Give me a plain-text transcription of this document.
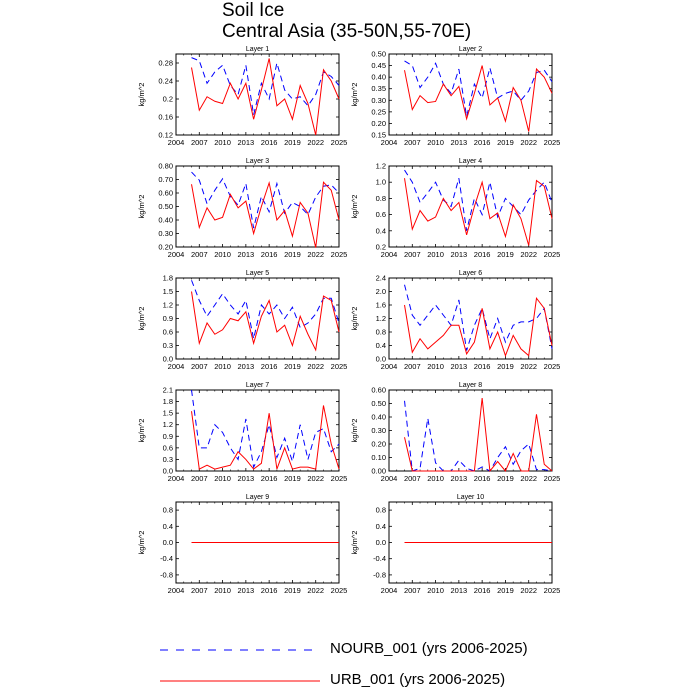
Soil Ice
Central Asia (35-50N,55-70E)
Layer 1
2004 2007 2010 2013 2016 2019 2022 2025
0.12
0.16
0.2
0.24
0.28
kg/m^2
Layer 2
2004 2007 2010 2013 2016 2019 2022 2025
0.15
0.20
0.25
0.30
0.35
0.40
0.45
0.50
kg/m^2
Layer 3
2004 2007 2010 2013 2016 2019 2022 2025
0.20
0.30
0.40
0.50
0.60
0.70
0.80
kg/m^2
Layer 4
2004 2007 2010 2013 2016 2019 2022 2025
0.2
0.4
0.6
0.8
1.0
1.2
kg/m^2
Layer 5
2004 2007 2010 2013 2016 2019 2022 2025
0.0
0.3
0.6
0.9
1.2
1.5
1.8
kg/m^2
Layer 6
2004 2007 2010 2013 2016 2019 2022 2025
0.0
0.4
0.8
1.2
1.6
2.0
2.4
kg/m^2
Layer 7
2004 2007 2010 2013 2016 2019 2022 2025
0.0
0.3
0.6
0.9
1.2
1.5
1.8
2.1
kg/m^2
Layer 8
2004 2007 2010 2013 2016 2019 2022 2025
0.00
0.10
0.20
0.30
0.40
0.50
0.60
kg/m^2
Layer 9
2004 2007 2010 2013 2016 2019 2022 2025
-0.8
-0.4
0.0
0.4
0.8
kg/m^2
Layer 10
2004 2007 2010 2013 2016 2019 2022 2025
-0.8
-0.4
0.0
0.4
0.8
kg/m^2
NOURB_001 (yrs 2006-2025)
URB_001 (yrs 2006-2025)
